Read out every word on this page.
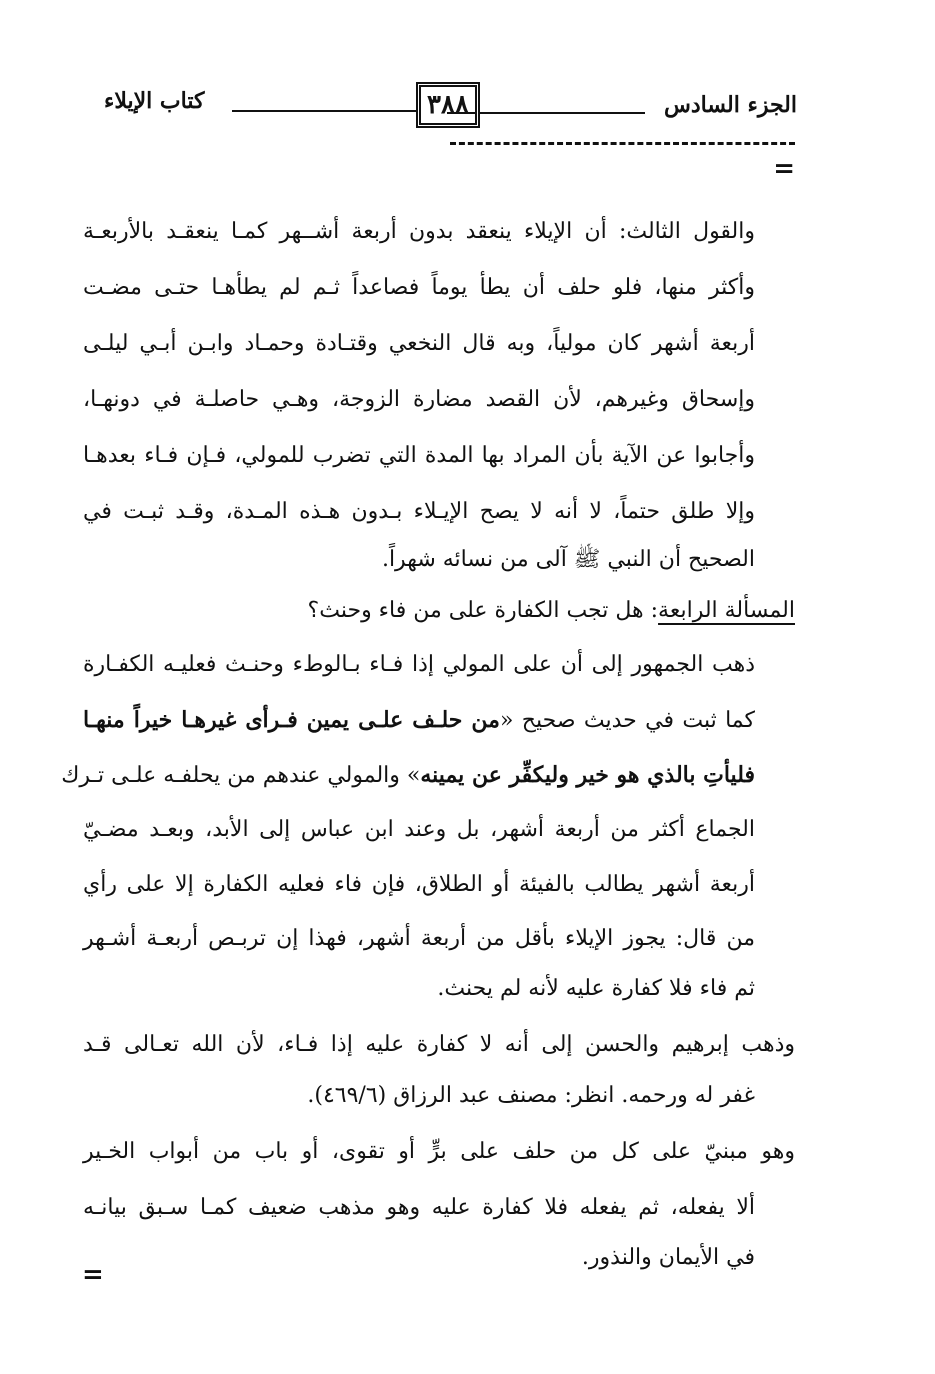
الجزء السادس
٣٨٨
كتاب الإيلاء
=
والقول الثالث: أن الإيلاء ينعقد بدون أربعة أشــهر كمـا ينعقـد بالأربعـة
وأكثر منها، فلو حلف أن يطأ يوماً فصاعداً ثـم لم يطأهـا حتـى مضـت
أربعة أشهر كان مولياً، وبه قال النخعي وقتـادة وحمـاد وابـن أبـي ليلـى
وإسحاق وغيرهم، لأن القصد مضارة الزوجة، وهـي حاصلـة في دونهـا،
وأجابوا عن الآية بأن المراد بها المدة التي تضرب للمولي، فـإن فـاء بعدهـا
وإلا طلق حتماً، لا أنه لا يصح الإيـلاء بـدون هـذه المـدة، وقـد ثبـت في
الصحيح أن النبي ﷺ آلى من نسائه شهراً.
المسألة الرابعة: هل تجب الكفارة على من فاء وحنث؟
ذهب الجمهور إلى أن على المولي إذا فـاء بـالوطء وحنـث فعليـه الكفـارة
كما ثبت في حديث صحيح «من حلـف علـى يمين فـرأى غيرهـا خيراً منهـا
فليأتِ بالذي هو خير وليكفِّر عن يمينه» والمولي عندهم من يحلفـه علـى تـرك
الجماع أكثر من أربعة أشهر، بل وعند ابن عباس إلى الأبد، وبعـد مضـيّ
أربعة أشهر يطالب بالفيئة أو الطلاق، فإن فاء فعليه الكفارة إلا على رأي
من قال: يجوز الإيلاء بأقل من أربعة أشهر، فهذا إن تربـص أربعـة أشـهر
ثم فاء فلا كفارة عليه لأنه لم يحنث.
وذهب إبرهيم والحسن إلى أنه لا كفارة عليه إذا فـاء، لأن الله تعـالى قـد
غفر له ورحمه. انظر: مصنف عبد الرزاق (٤٦٩/٦).
وهو مبنيّ على كل من حلف على برٍّ أو تقوى، أو باب من أبواب الخـير
ألا يفعله، ثم يفعله فلا كفارة عليه وهو مذهب ضعيف كمـا سـبق بيانـه
في الأيمان والنذور.
=
